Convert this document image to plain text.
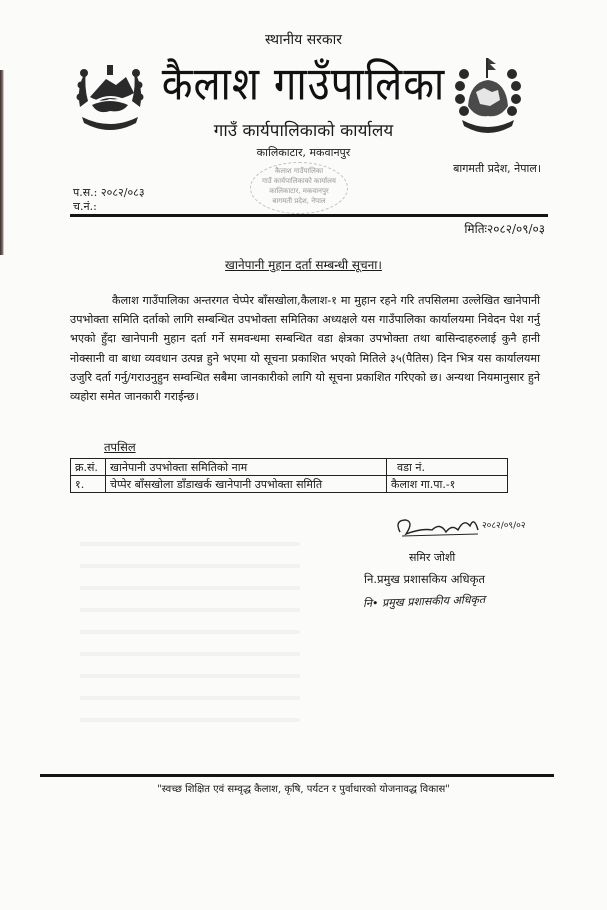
स्थानीय सरकार
कैलाश गाउँपालिका
गाउँ कार्यपालिकाको कार्यालय
कालिकाटार, मकवानपुर
बागमती प्रदेश, नेपाल।
कैलाश गाउँपालिका
गाउँ कार्यपालिकाको कार्यालय
कालिकाटार, मकवानपुर
बागमती प्रदेश, नेपाल
प.स.: २०८२/०८३
च.नं.:
मितिः२०८२/०९/०३
खानेपानी मुहान दर्ता सम्बन्धी सूचना।

कैलाश गाउँपालिका अन्तरगत चेप्पेर बाँसखोला,कैलाश-१ मा मुहान रहने गरि तपसिलमा उल्लेखित खानेपानी उपभोक्ता समिति दर्ताको लागि सम्बन्धित उपभोक्ता समितिका अध्यक्षले यस गाउँपालिका कार्यालयमा निवेदन पेश गर्नु भएको हुँदा खानेपानी मुहान दर्ता गर्ने समवन्धमा सम्बन्धित वडा क्षेत्रका उपभोक्ता तथा बासिन्दाहरुलाई कुनै हानी नोक्सानी वा बाधा व्यवधान उत्पन्न हुने भएमा यो सूचना प्रकाशित भएको मितिले ३५(पैतिस) दिन भित्र यस कार्यालयमा उजुरि दर्ता गर्नु/गराउनुहुन सम्वन्धित सबैमा जानकारीको लागि यो सूचना प्रकाशित गरिएको छ। अन्यथा नियमानुसार हुने व्यहोरा समेत जानकारी गराईन्छ।

तपसिल
क्र.सं.	खानेपानी उपभोक्ता समितिको नाम	वडा नं.
१.	चेप्पेर बाँसखोला डाँडाखर्क खानेपानी उपभोक्ता समिति	कैलाश गा.पा.-१
२०८२/०९/०२
समिर जोशी
नि.प्रमुख प्रशासकिय अधिकृत
नि• प्रमुख प्रशासकीय अधिकृत
"स्वच्छ शिक्षित एवं सम्वृद्ध कैलाश, कृषि, पर्यटन र पुर्वाधारको योजनावद्ध विकास"
